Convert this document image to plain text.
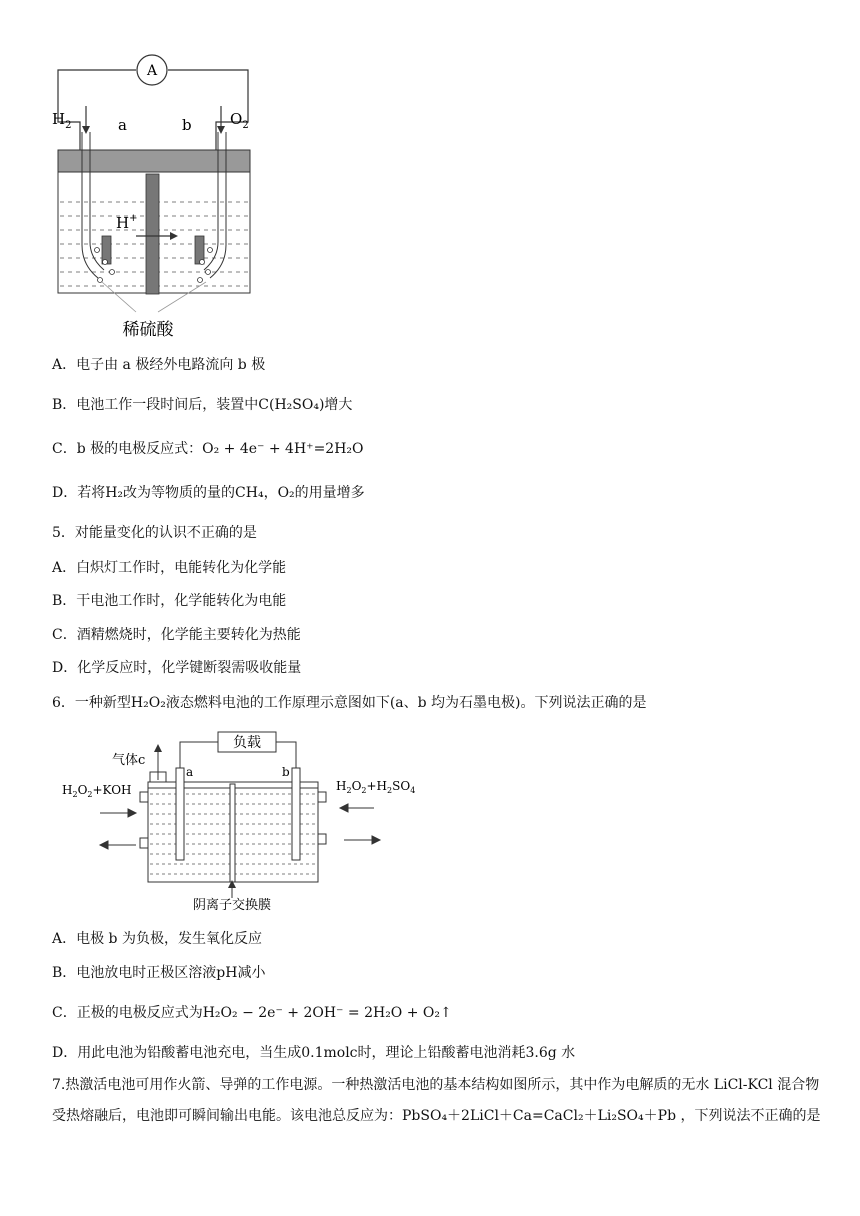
A
$H_2$	a	b	$O_2$
H+
稀硫酸
A．电子由 a 极经外电路流向 b 极
B．电池工作一段时间后，装置中C(H₂SO₄)增大
C．b 极的电极反应式：O₂ + 4e⁻ + 4H⁺=2H₂O
D．若将H₂改为等物质的量的CH₄，O₂的用量增多
5．对能量变化的认识不正确的是
A．白炽灯工作时，电能转化为化学能
B．干电池工作时，化学能转化为电能
C．酒精燃烧时，化学能主要转化为热能
D．化学反应时，化学键断裂需吸收能量
6．一种新型H₂O₂液态燃料电池的工作原理示意图如下(a、b 均为石墨电极)。下列说法正确的是
负载
气体c
a	b
阴离子交换膜
$H_2O_2+KOH$	$H_2O_2+H_2SO_4$
A．电极 b 为负极，发生氧化反应
B．电池放电时正极区溶液pH减小
C．正极的电极反应式为H₂O₂ − 2e⁻ + 2OH⁻ = 2H₂O + O₂↑
D．用此电池为铅酸蓄电池充电，当生成0.1molc时，理论上铅酸蓄电池消耗3.6g 水
7.热激活电池可用作火箭、导弹的工作电源。一种热激活电池的基本结构如图所示，其中作为电解质的无水 LiCl-KCl 混合物受热熔融后，电池即可瞬间输出电能。该电池总反应为：PbSO₄＋2LiCl＋Ca=CaCl₂＋Li₂SO₄＋Pb ，下列说法不正确的是
